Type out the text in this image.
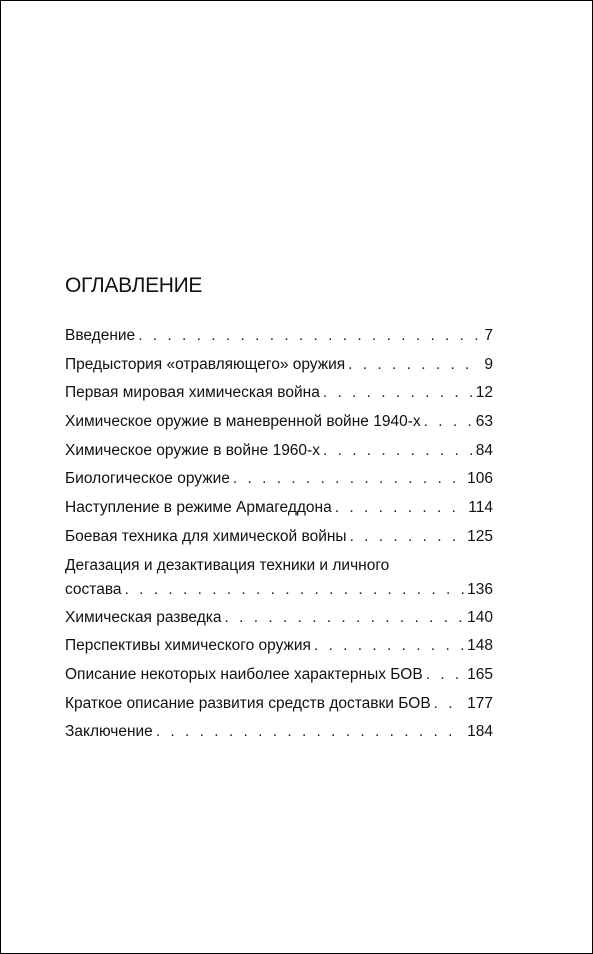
ОГЛАВЛЕНИЕ
Введение . . .	7
Предыстория «отравляющего» оружия . . .	9
Первая мировая химическая война . . .	12
Химическое оружие в маневренной войне 1940-х . . .	63
Химическое оружие в войне 1960-х . . .	84
Биологическое оружие . . .	106
Наступление в режиме Армагеддона . . .	114
Боевая техника для химической войны . . .	125
Дегазация и дезактивация техники и личного
состава . . .	136
Химическая разведка . . .	140
Перспективы химического оружия . . .	148
Описание некоторых наиболее характерных БОВ . . .	165
Краткое описание развития средств доставки БОВ . . . 177
Заключение . . .	184
